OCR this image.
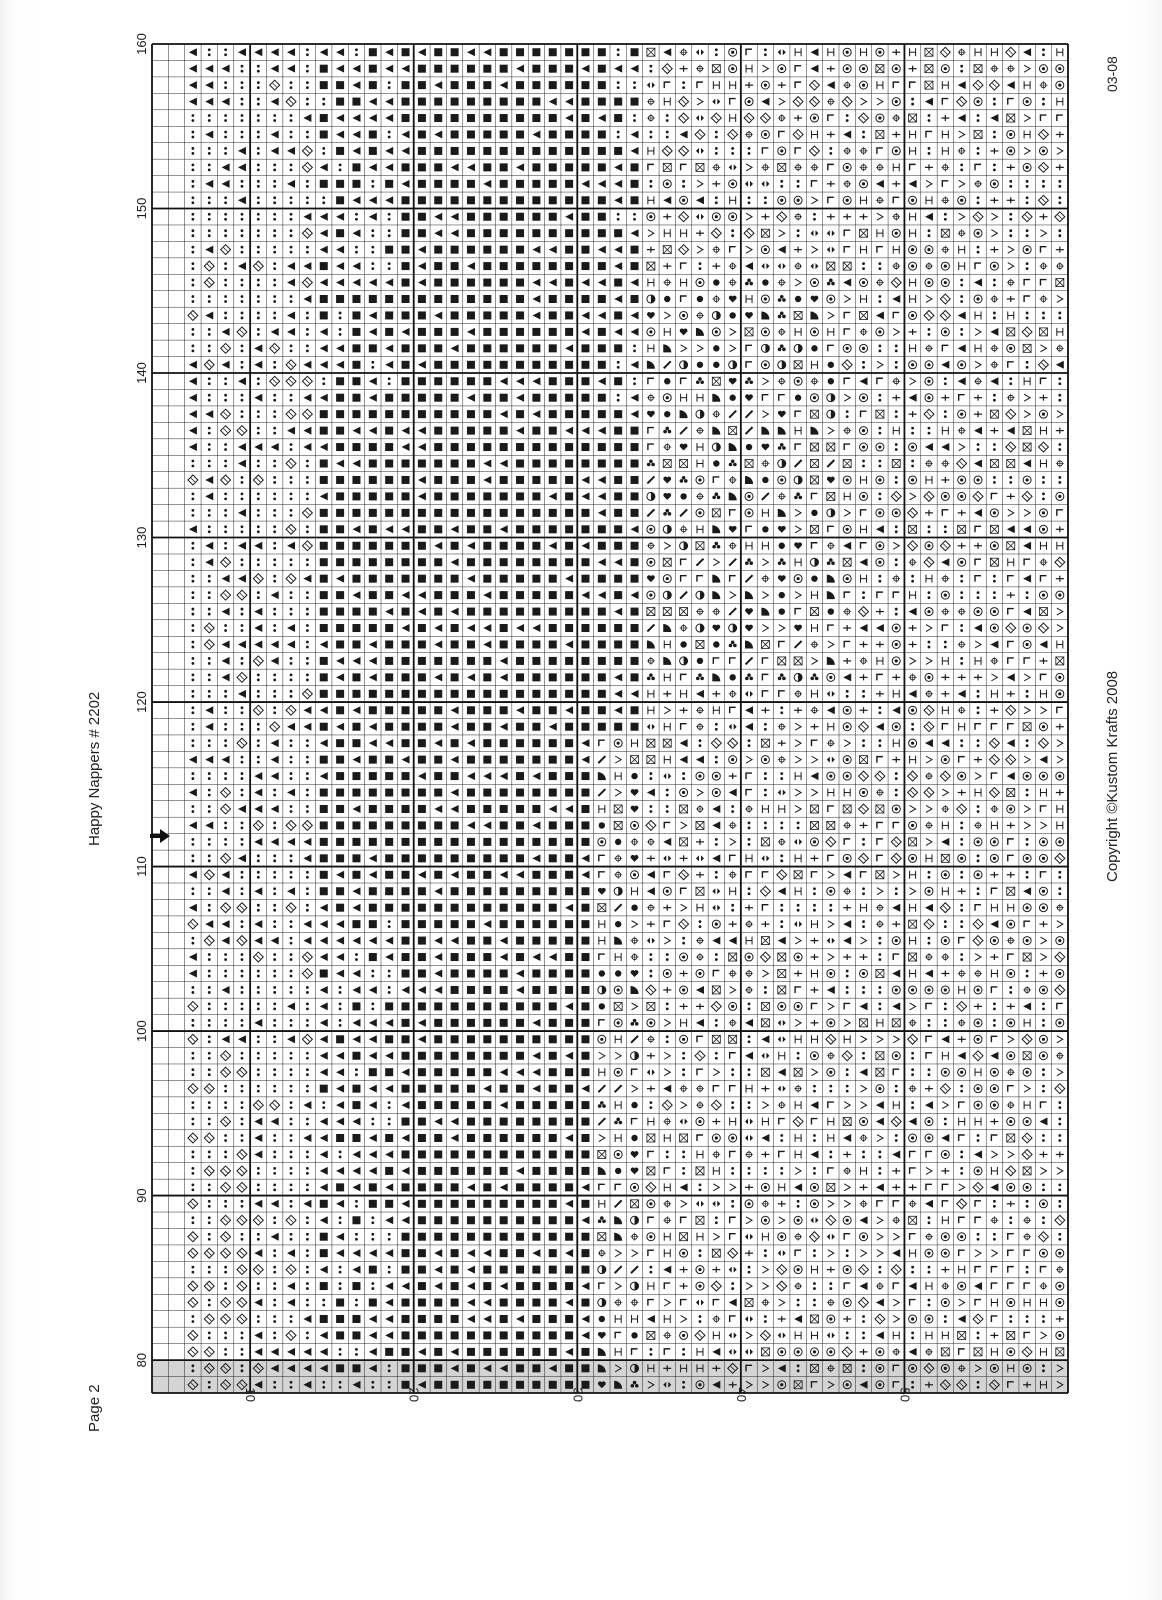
80
90
100
110
120
130
140
150
160
10	20	30	40	50
Happy Nappers # 2202
Page 2
Copyright ©Kustom Krafts 2008
03-08
